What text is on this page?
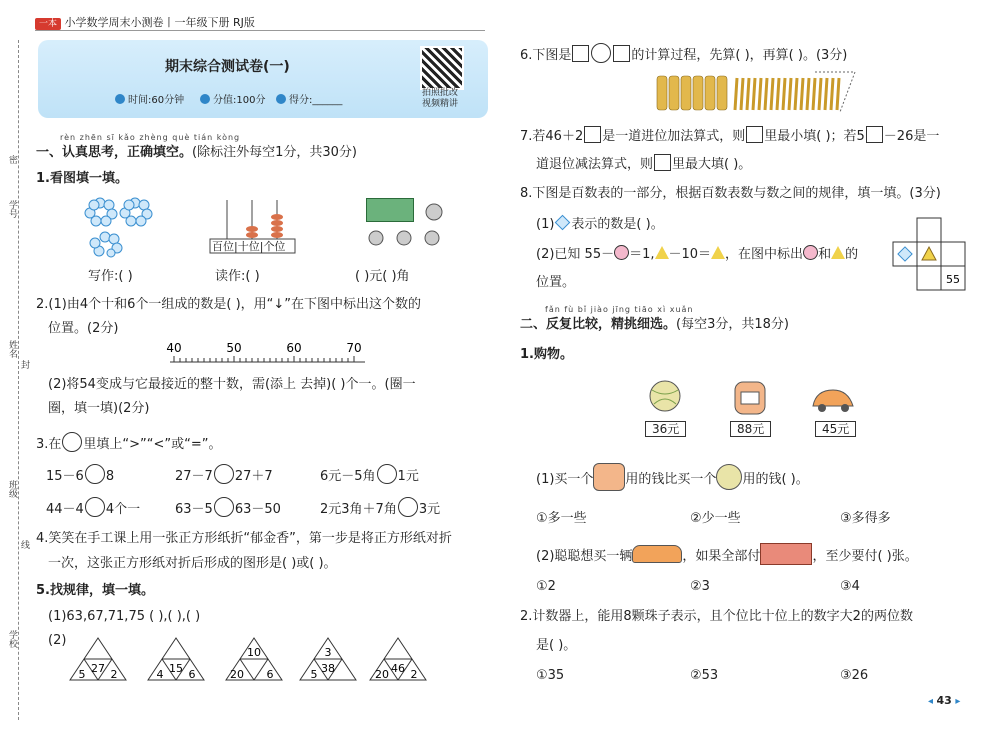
密
学号
姓名
封
班级
线
学校
一本 小学数学周末小测卷丨一年级下册 RJ版
期末综合测试卷(一)
时间:60分钟	分值:100分	得分:______
拍照批改
视频精讲
rèn zhēn sī kǎo zhèng què tián kòng
一、认真思考，正确填空。(除标注外每空1分，共30分)
1.看图填一填。
百位|十位|个位
写作:( )	读作:( )	( )元( )角
2.(1)由4个十和6个一组成的数是( )，用“↓”在下图中标出这个数的
位置。(2分)
40	50	60	70
(2)将54变成与它最接近的整十数，需(添上 去掉)( )个一。(圈一
圈，填一填)(2分)
3.在 里填上“>”“<”或“=”。
15－6 8	27－7 27＋7	6元－5角 1元
44－4 4个一	63－5 63－50	2元3角＋7角 3元
4.笑笑在手工课上用一张正方形纸折“郁金香”，第一步是将正方形纸对折
一次，这张正方形纸对折后形成的图形是( )或( )。
5.找规律，填一填。
(1)63,67,71,75 ( ),( ),( )
(2)
27
5 2	15
4 6
10
20 6
3
38
5	46
20 2
6.下图是	的计算过程，先算( )，再算( )。(3分)
7.若46＋2 是一道进位加法算式，则 里最小填( )；若5 －26是一
道退位减法算式，则 里最大填( )。
8.下图是百数表的一部分，根据百数表数与数之间的规律，填一填。(3分)
(1) 表示的数是( )。
(2)已知 55－ ＝1, －10＝ ，在图中标出 和 的
位置。	55
fǎn fù bǐ jiào jīng tiāo xì xuǎn
二、反复比较，精挑细选。(每空3分，共18分)
1.购物。
36元	88元	45元
(1)买一个 用的钱比买一个 用的钱( )。
①多一些	②少一些	③多得多
(2)聪聪想买一辆	，如果全部付	，至少要付( )张。
①2	②3	③4
2.计数器上，能用8颗珠子表示，且个位比十位上的数字大2的两位数
是( )。
①35	②53	③26
◂ 43 ▸
